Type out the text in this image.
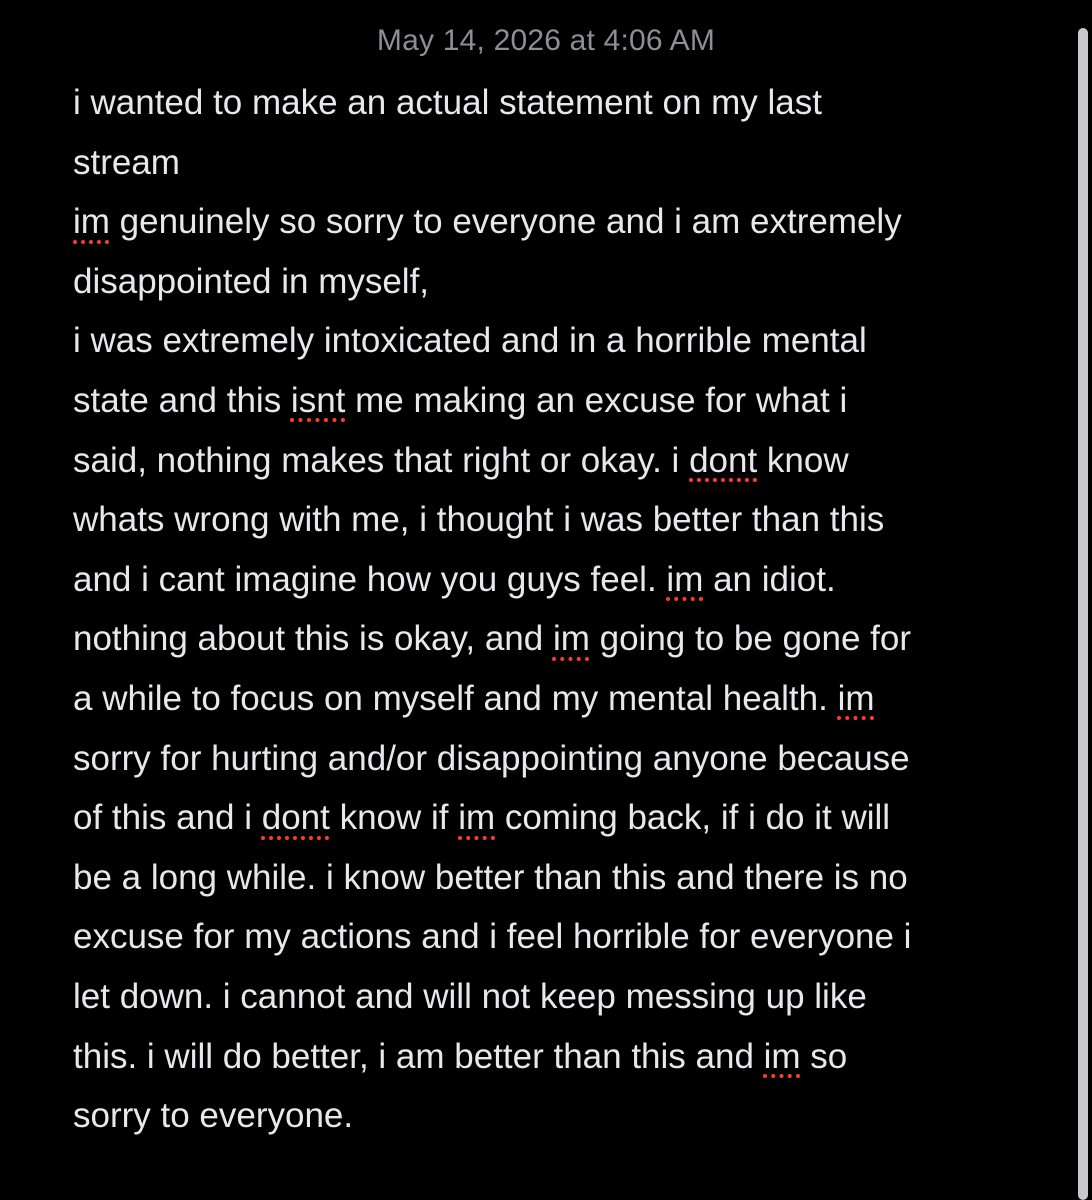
May 14, 2026 at 4:06 AM
i wanted to make an actual statement on my last
stream
im genuinely so sorry to everyone and i am extremely
disappointed in myself,
i was extremely intoxicated and in a horrible mental
state and this isnt me making an excuse for what i
said, nothing makes that right or okay. i dont know
whats wrong with me, i thought i was better than this
and i cant imagine how you guys feel. im an idiot.
nothing about this is okay, and im going to be gone for
a while to focus on myself and my mental health. im
sorry for hurting and/or disappointing anyone because
of this and i dont know if im coming back, if i do it will
be a long while. i know better than this and there is no
excuse for my actions and i feel horrible for everyone i
let down. i cannot and will not keep messing up like
this. i will do better, i am better than this and im so
sorry to everyone.
